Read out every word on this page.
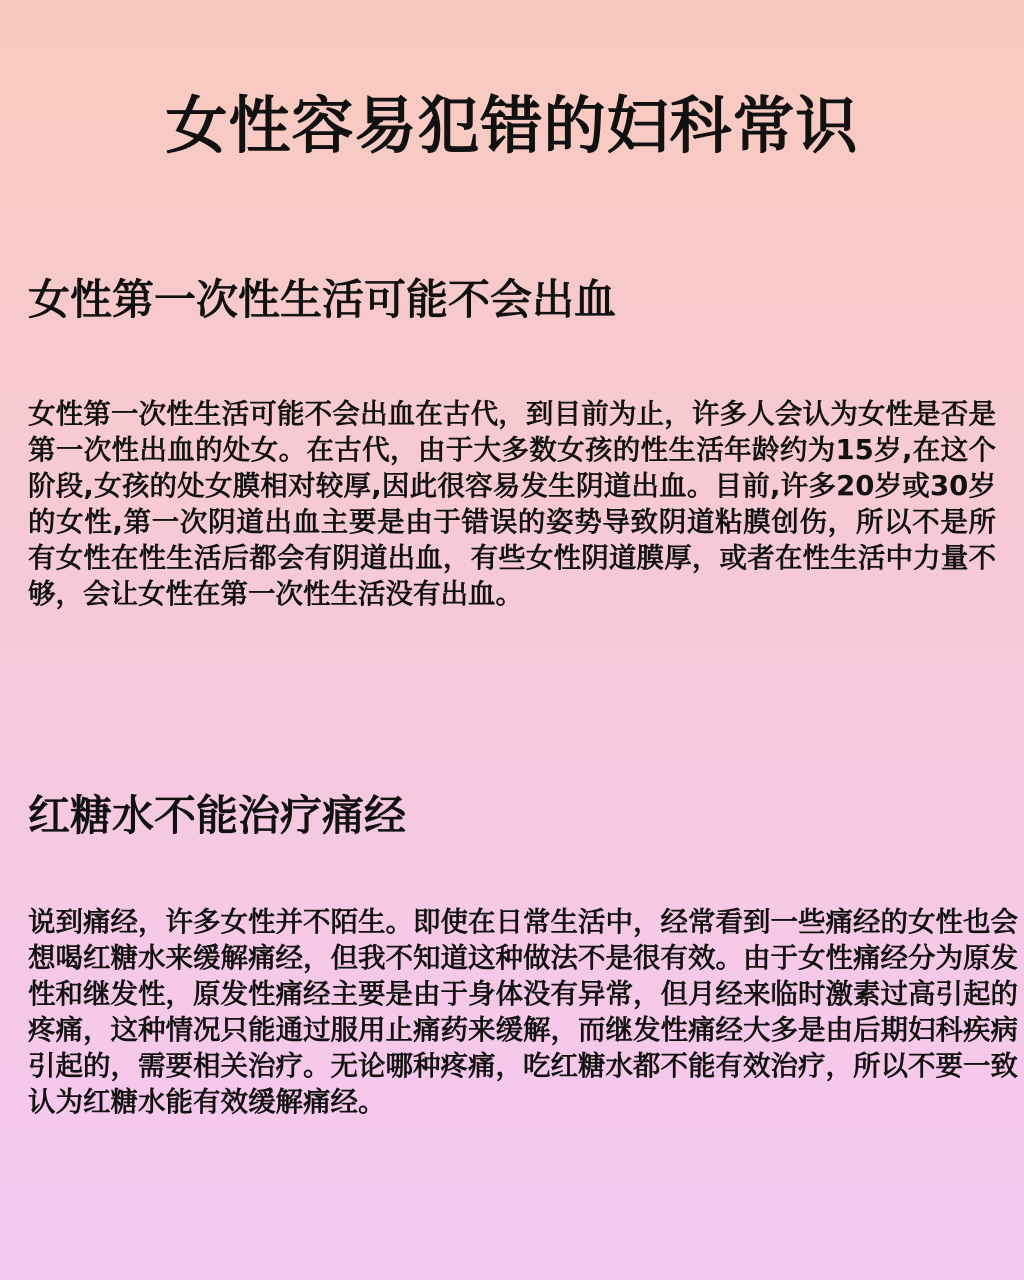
女性容易犯错的妇科常识
女性第一次性生活可能不会出血

女性第一次性生活可能不会出血在古代，到目前为止，许多人会认为女性是否是第一次性出血的处女。在古代，由于大多数女孩的性生活年龄约为15岁,在这个阶段,女孩的处女膜相对较厚,因此很容易发生阴道出血。目前,许多20岁或30岁的女性,第一次阴道出血主要是由于错误的姿势导致阴道粘膜创伤，所以不是所有女性在性生活后都会有阴道出血，有些女性阴道膜厚，或者在性生活中力量不够，会让女性在第一次性生活没有出血。

红糖水不能治疗痛经

说到痛经，许多女性并不陌生。即使在日常生活中，经常看到一些痛经的女性也会想喝红糖水来缓解痛经，但我不知道这种做法不是很有效。由于女性痛经分为原发性和继发性，原发性痛经主要是由于身体没有异常，但月经来临时激素过高引起的疼痛，这种情况只能通过服用止痛药来缓解，而继发性痛经大多是由后期妇科疾病引起的，需要相关治疗。无论哪种疼痛，吃红糖水都不能有效治疗，所以不要一致认为红糖水能有效缓解痛经。
